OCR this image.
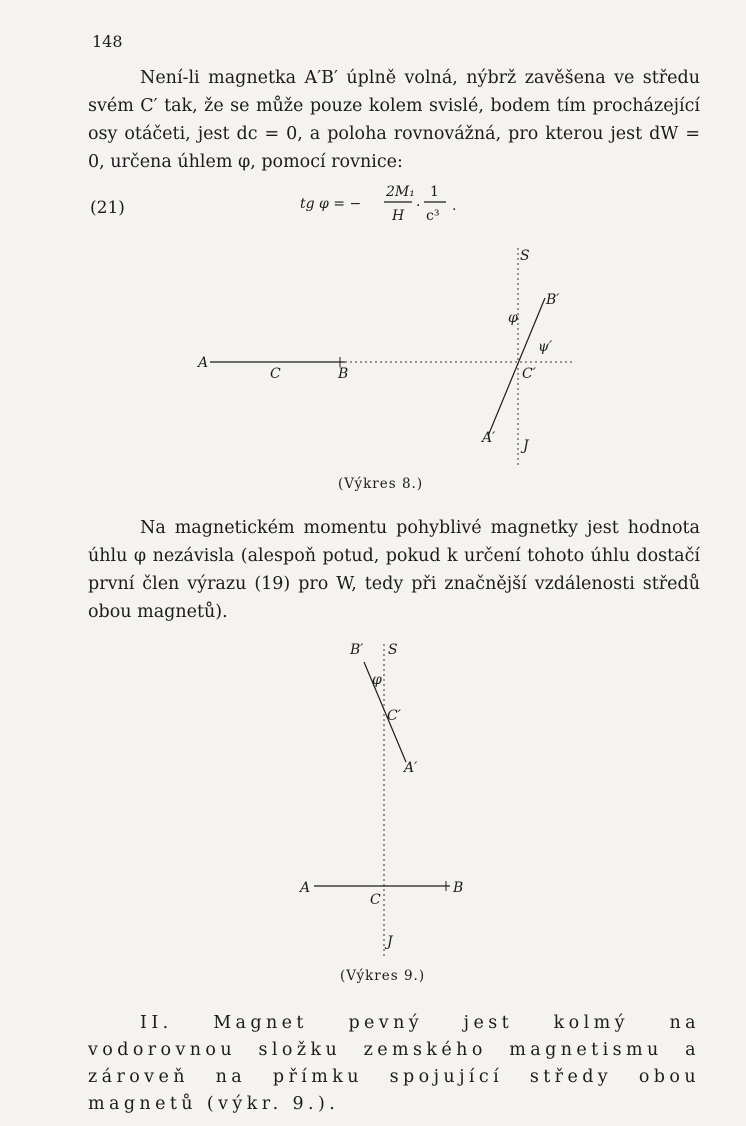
148

Není-li magnetka A′B′ úplně volná, nýbrž zavěšena ve středu svém C′ tak, že se může pouze kolem svislé, bodem tím procházející osy otáčeti, jest dc = 0, a poloha rovnovážná, pro kterou jest dW = 0, určena úhlem φ, pomocí rovnice:

(21)	tg φ = −
2M₁
H
·
1
c³
.
S
B′
φ
ψ′
A
C	B	C′
A′ J
(Výkres 8.)

Na magnetickém momentu pohyblivé magnetky jest hodnota úhlu φ nezávisla (alespoň potud, pokud k určení tohoto úhlu dostačí první člen výrazu (19) pro W, tedy při značnější vzdálenosti středů obou magnetů).

B′ S
φ
C′
A′
A
C
B
J
(Výkres 9.)

II. Magnet pevný jest kolmý na vodorovnou složku zemského magnetismu a zároveň na přímku spojující středy obou magnetů (výkr. 9.).
